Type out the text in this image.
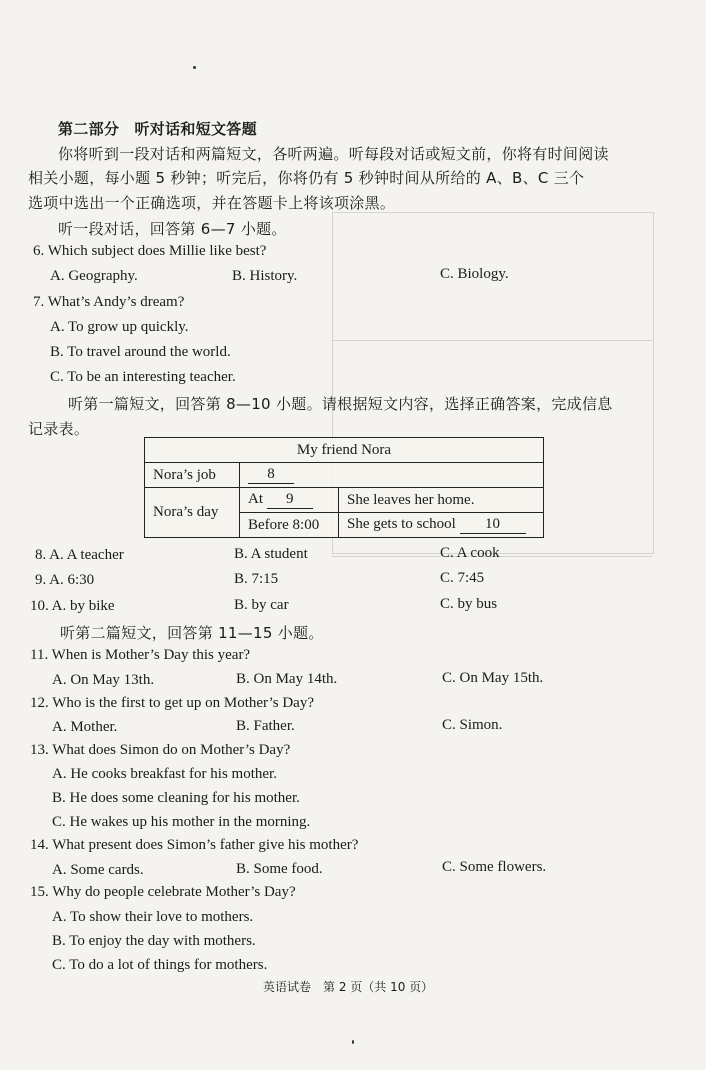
第二部分　听对话和短文答题
你将听到一段对话和两篇短文，各听两遍。听每段对话或短文前，你将有时间阅读
相关小题，每小题 5 秒钟；听完后，你将仍有 5 秒钟时间从所给的 A、B、C 三个
选项中选出一个正确选项，并在答题卡上将该项涂黑。
听一段对话，回答第 6—7 小题。
6. Which subject does Millie like best?
A. Geography.	B. History.	C. Biology.
7. What’s Andy’s dream?
A. To grow up quickly.
B. To travel around the world.
C. To be an interesting teacher.
听第一篇短文，回答第 8—10 小题。请根据短文内容，选择正确答案，完成信息
记录表。
My friend Nora		
Nora’s job	8	
Nora’s day	At 9	She leaves her home.
	Before 8:00	She gets to school 10
8. A. A teacher	B. A student	C. A cook
9. A. 6:30	B. 7:15	C. 7:45
10. A. by bike	B. by car	C. by bus
听第二篇短文，回答第 11—15 小题。
11. When is Mother’s Day this year?
A. On May 13th.	B. On May 14th.	C. On May 15th.
12. Who is the first to get up on Mother’s Day?
A. Mother.	B. Father.	C. Simon.
13. What does Simon do on Mother’s Day?
A. He cooks breakfast for his mother.
B. He does some cleaning for his mother.
C. He wakes up his mother in the morning.
14. What present does Simon’s father give his mother?
A. Some cards.	B. Some food.	C. Some flowers.
15. Why do people celebrate Mother’s Day?
A. To show their love to mothers.
B. To enjoy the day with mothers.
C. To do a lot of things for mothers.
英语试卷　第 2 页（共 10 页）
